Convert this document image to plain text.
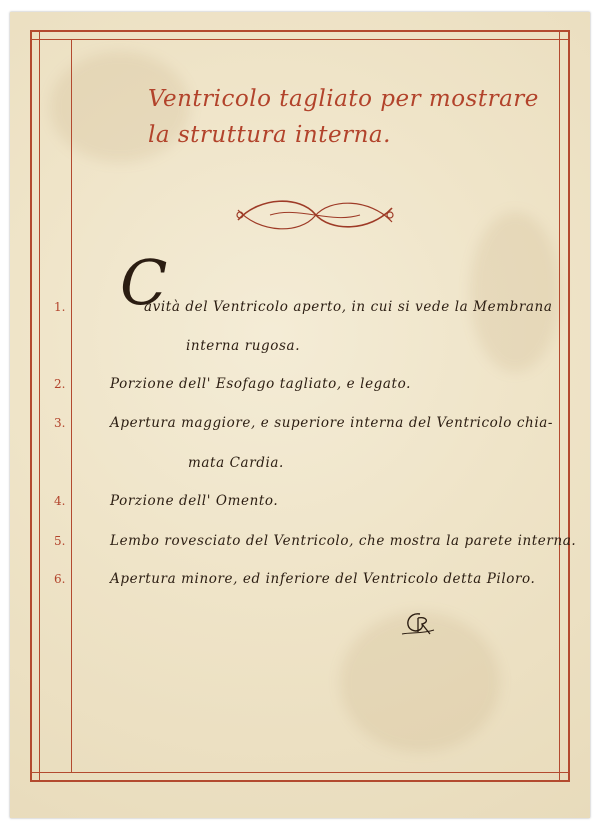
Ventricolo tagliato per mostrare
la struttura interna.
C
1.
2.
3.
4.
5.
6.
avità del Ventricolo aperto, in cui si vede la Membrana
interna rugosa.
Porzione dell' Esofago tagliato, e legato.
Apertura maggiore, e superiore interna del Ventricolo chia-
mata Cardia.
Porzione dell' Omento.
Lembo rovesciato del Ventricolo, che mostra la parete interna.
Apertura minore, ed inferiore del Ventricolo detta Piloro.
